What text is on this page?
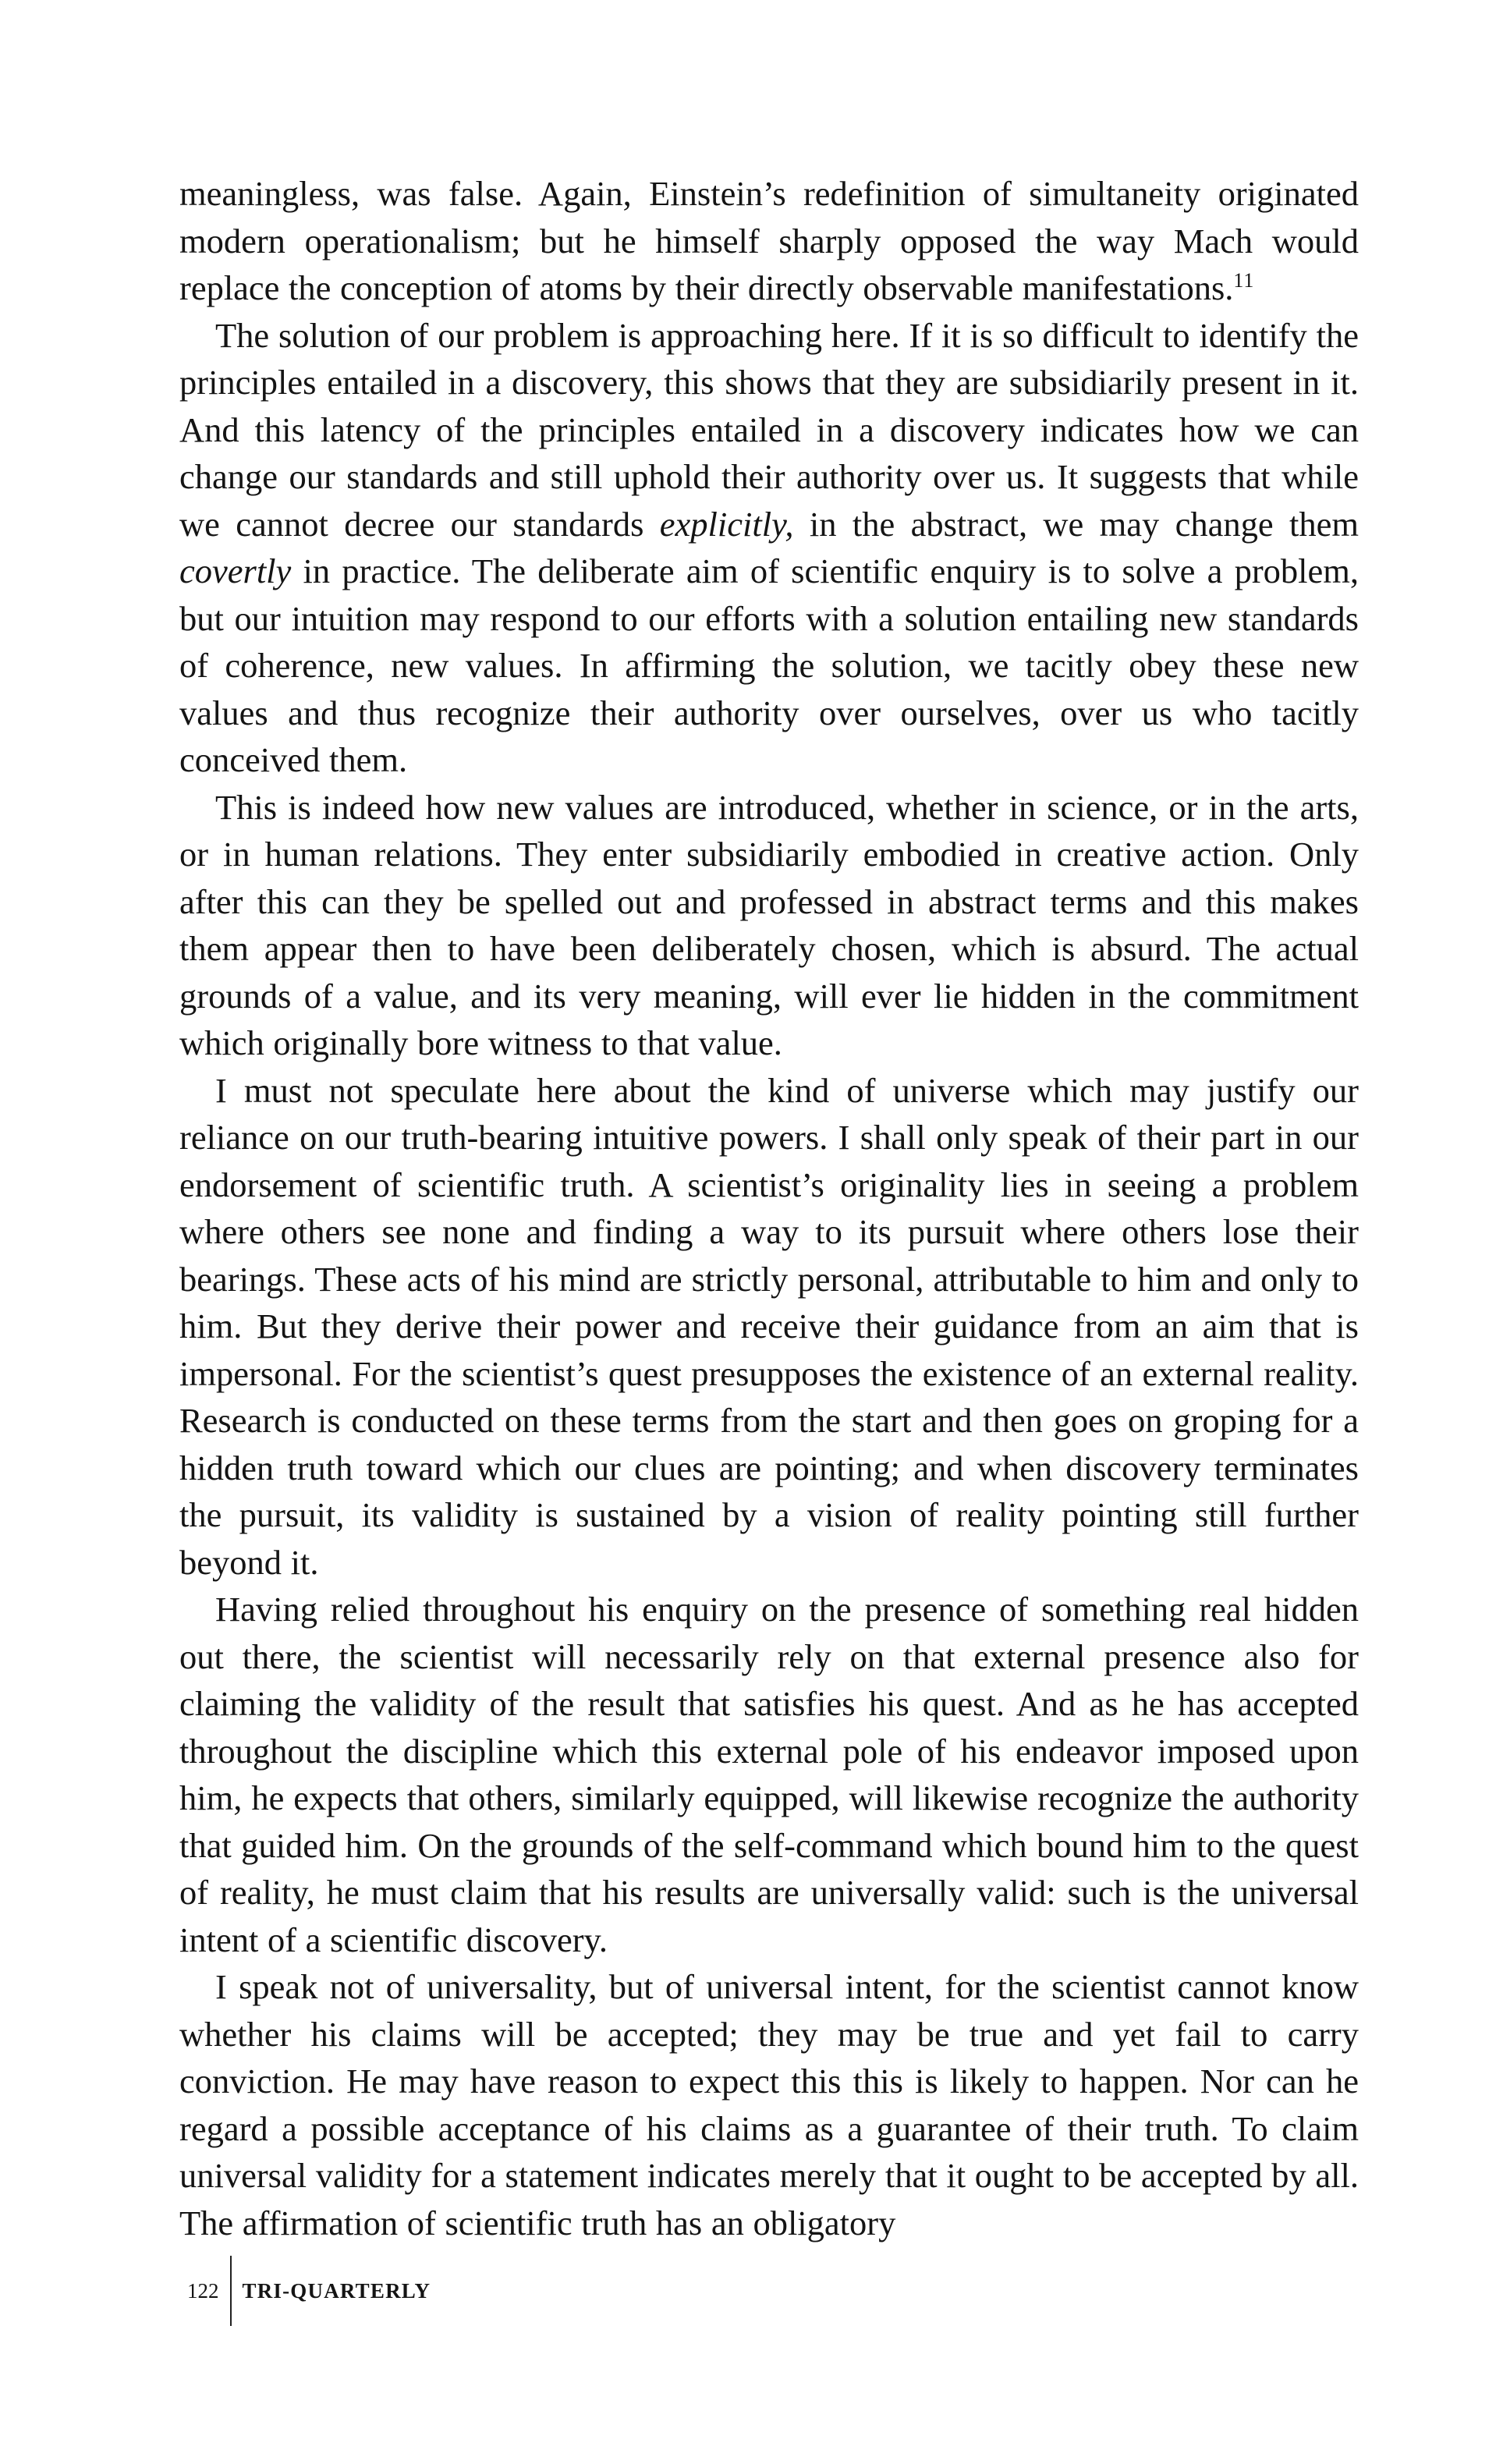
meaningless, was false. Again, Einstein’s redefinition of simultaneity originated modern operationalism; but he himself sharply opposed the way Mach would replace the conception of atoms by their directly observable manifestations.$^{11}$

The solution of our problem is approaching here. If it is so difficult to identify the principles entailed in a discovery, this shows that they are subsidiarily present in it. And this latency of the principles entailed in a discovery indicates how we can change our standards and still uphold their authority over us. It suggests that while we cannot decree our standards explicitly, in the abstract, we may change them covertly in practice. The deliberate aim of scientific enquiry is to solve a problem, but our intuition may respond to our efforts with a solution entailing new standards of coherence, new values. In affirming the solution, we tacitly obey these new values and thus recognize their authority over ourselves, over us who tacitly conceived them.

This is indeed how new values are introduced, whether in science, or in the arts, or in human relations. They enter subsidiarily embodied in creative action. Only after this can they be spelled out and professed in abstract terms and this makes them appear then to have been deliberately chosen, which is absurd. The actual grounds of a value, and its very meaning, will ever lie hidden in the commitment which originally bore witness to that value.

I must not speculate here about the kind of universe which may justify our reliance on our truth-bearing intuitive powers. I shall only speak of their part in our endorsement of scientific truth. A scientist’s originality lies in seeing a problem where others see none and finding a way to its pursuit where others lose their bearings. These acts of his mind are strictly personal, attributable to him and only to him. But they derive their power and receive their guidance from an aim that is impersonal. For the scientist’s quest presupposes the existence of an external reality. Research is conducted on these terms from the start and then goes on groping for a hidden truth toward which our clues are pointing; and when discovery terminates the pursuit, its validity is sustained by a vision of reality pointing still further beyond it.

Having relied throughout his enquiry on the presence of something real hidden out there, the scientist will necessarily rely on that external presence also for claiming the validity of the result that satisfies his quest. And as he has accepted throughout the discipline which this external pole of his endeavor imposed upon him, he expects that others, similarly equipped, will likewise recognize the authority that guided him. On the grounds of the self-command which bound him to the quest of reality, he must claim that his results are universally valid: such is the universal intent of a scientific discovery.

I speak not of universality, but of universal intent, for the scientist cannot know whether his claims will be accepted; they may be true and yet fail to carry conviction. He may have reason to expect this this is likely to happen. Nor can he regard a possible acceptance of his claims as a guarantee of their truth. To claim universal validity for a statement indicates merely that it ought to be accepted by all. The affirmation of scientific truth has an obligatory

122	TRI-QUARTERLY
